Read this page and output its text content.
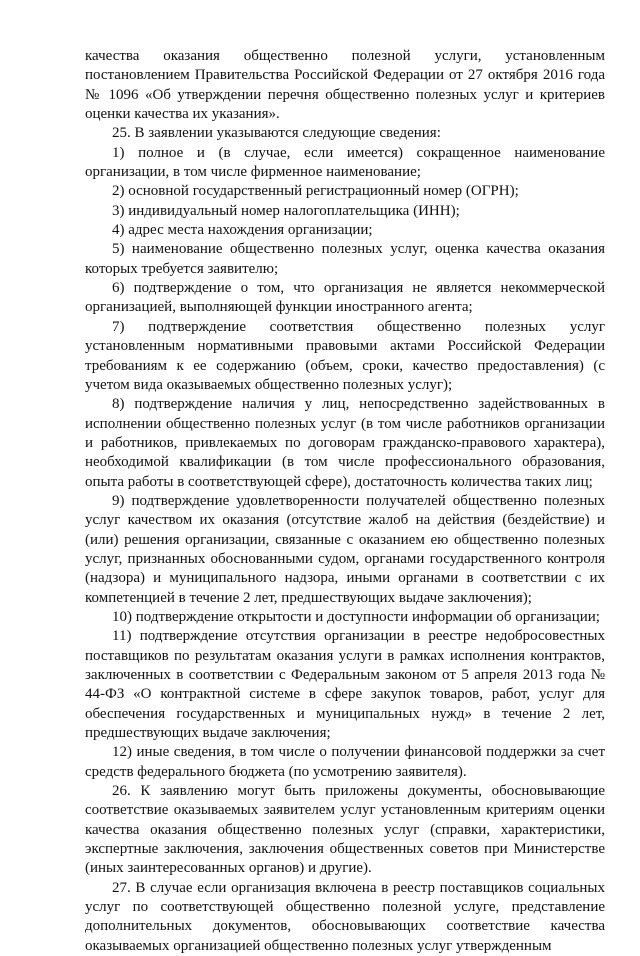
качества оказания общественно полезной услуги, установленным постановлением Правительства Российской Федерации от 27 октября 2016 года № 1096 «Об утверждении перечня общественно полезных услуг и критериев оценки качества их указания».

25. В заявлении указываются следующие сведения:

1) полное и (в случае, если имеется) сокращенное наименование организации, в том числе фирменное наименование;

2) основной государственный регистрационный номер (ОГРН);

3) индивидуальный номер налогоплательщика (ИНН);

4) адрес места нахождения организации;

5) наименование общественно полезных услуг, оценка качества оказания которых требуется заявителю;

6) подтверждение о том, что организация не является некоммерческой организацией, выполняющей функции иностранного агента;

7) подтверждение соответствия общественно полезных услуг установленным нормативными правовыми актами Российской Федерации требованиям к ее содержанию (объем, сроки, качество предоставления) (с учетом вида оказываемых общественно полезных услуг);

8) подтверждение наличия у лиц, непосредственно задействованных в исполнении общественно полезных услуг (в том числе работников организации и работников, привлекаемых по договорам гражданско-правового характера), необходимой квалификации (в том числе профессионального образования, опыта работы в соответствующей сфере), достаточность количества таких лиц;

9) подтверждение удовлетворенности получателей общественно полезных услуг качеством их оказания (отсутствие жалоб на действия (бездействие) и (или) решения организации, связанные с оказанием ею общественно полезных услуг, признанных обоснованными судом, органами государственного контроля (надзора) и муниципального надзора, иными органами в соответствии с их компетенцией в течение 2 лет, предшествующих выдаче заключения);

10) подтверждение открытости и доступности информации об организации;

11) подтверждение отсутствия организации в реестре недобросовестных поставщиков по результатам оказания услуги в рамках исполнения контрактов, заключенных в соответствии с Федеральным законом от 5 апреля 2013 года № 44-ФЗ «О контрактной системе в сфере закупок товаров, работ, услуг для обеспечения государственных и муниципальных нужд» в течение 2 лет, предшествующих выдаче заключения;

12) иные сведения, в том числе о получении финансовой поддержки за счет средств федерального бюджета (по усмотрению заявителя).

26. К заявлению могут быть приложены документы, обосновывающие соответствие оказываемых заявителем услуг установленным критериям оценки качества оказания общественно полезных услуг (справки, характеристики, экспертные заключения, заключения общественных советов при Министерстве (иных заинтересованных органов) и другие).

27. В случае если организация включена в реестр поставщиков социальных услуг по соответствующей общественно полезной услуге, представление дополнительных документов, обосновывающих соответствие качества оказываемых организацией общественно полезных услуг утвержденным
